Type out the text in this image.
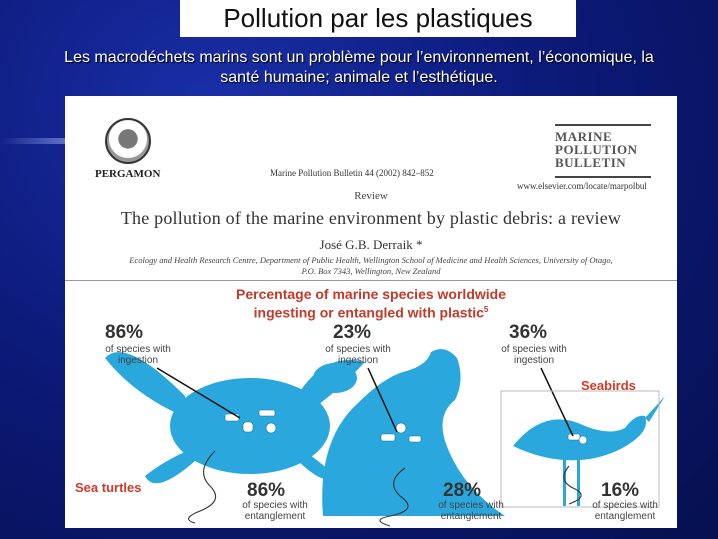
Pollution par les plastiques
Les macrodéchets marins sont un problème pour l’environnement, l’économique, la
santé humaine; animale et l’esthétique.
PERGAMON	Marine Pollution Bulletin 44 (2002) 842–852
MARINE
POLLUTION
BULLETIN
www.elsevier.com/locate/marpolbul
Review
The pollution of the marine environment by plastic debris: a review
José G.B. Derraik *
Ecology and Health Research Centre, Department of Public Health, Wellington School of Medicine and Health Sciences, University of Otago,
P.O. Box 7343, Wellington, New Zealand
Percentage of marine species worldwide
ingesting or entangled with plastic$^5$
86%
of species with ingestion
Sea turtles	86%
of species with entanglement
23%
of species with ingestion
28%
of species with entanglement
36%
of species with ingestion
Seabirds
16%
of species with entanglement
